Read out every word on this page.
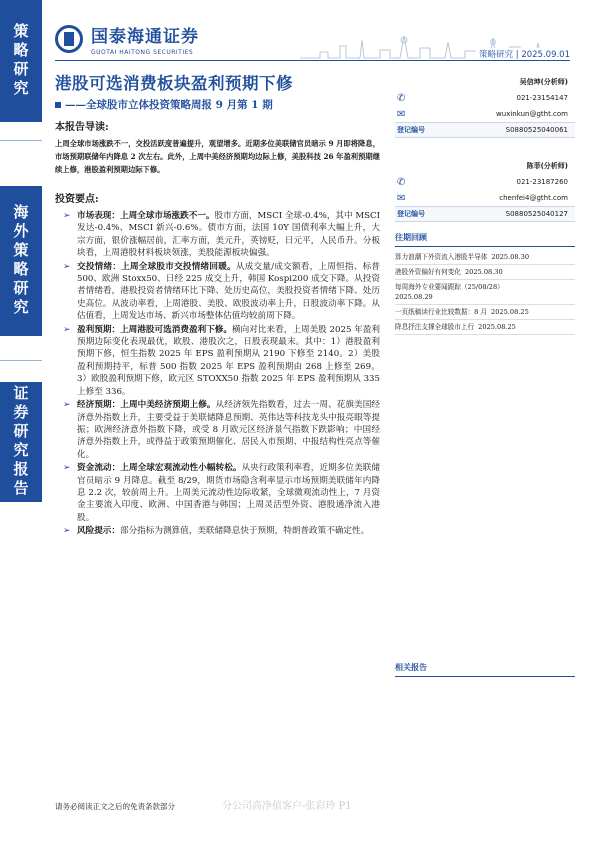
策略研究
海外策略研究
证券研究报告
国泰海通证券
GUOTAI HAITONG SECURITIES	策略研究 | 2025.09.01
港股可选消费板块盈利预期下修
——全球股市立体投资策略周报 9 月第 1 期
本报告导读:
上周全球市场涨跌不一，交投活跃度普遍提升，观望增多。近期多位美联储官员暗示 9 月即将降息，市场预期联储年内降息 2 次左右。此外，上周中美经济预期均边际上修，美股科技 26 年盈利预期继续上修，港股盈利预期边际下修。
投资要点:
➢ 市场表现：上周全球市场涨跌不一。股市方面，MSCI 全球-0.4%，其中 MSCI 发达-0.4%、MSCI 新兴-0.6%。债市方面，法国 10Y 国债利率大幅上升，大宗方面，银价涨幅居前，汇率方面，美元升，英镑贬，日元平，人民币升。分板块看，上周港股材料板块领涨，美股能源板块偏强。
➢ 交投情绪：上周全球股市交投情绪回暖。从成交量/成交额看，上周恒指、标普 500、欧洲 Stoxx50、日经 225 成交上升，韩国 Kospi200 成交下降。从投资者情绪看，港股投资者情绪环比下降、处历史高位，美股投资者情绪下降、处历史高位。从波动率看，上周港股、美股、欧股波动率上升，日股波动率下降。从估值看，上周发达市场、新兴市场整体估值均较前周下降。
➢ 盈利预期：上周港股可选消费盈利下修。横向对比来看，上周美股 2025 年盈利预期边际变化表现最优，欧股、港股次之，日股表现最末。其中：1）港股盈利预期下修，恒生指数 2025 年 EPS 盈利预期从 2190 下修至 2140。2）美股盈利预期持平，标普 500 指数 2025 年 EPS 盈利预期由 268 上修至 269。3）欧股盈利预期下修，欧元区 STOXX50 指数 2025 年 EPS 盈利预期从 335 上修至 336。
➢ 经济预期：上周中美经济预期上修。从经济领先指数看，过去一周、花旗美国经济意外指数上升，主要受益于美联储降息预期、英伟达等科技龙头中报亮眼等提振；欧洲经济意外指数下降，或受 8 月欧元区经济景气指数下跌影响；中国经济意外指数上升，或得益于政策预期催化、居民入市预期、中报结构性亮点等催化。
➢ 资金流动：上周全球宏观流动性小幅转松。从央行政策利率看，近期多位美联储官员暗示 9 月降息。截至 8/29，期货市场隐含利率显示市场预期美联储年内降息 2.2 次，较前周上升。上周美元流动性边际收紧，全球微观流动性上，7 月资金主要流入印度、欧洲、中国香港与韩国；上周灵活型外资、港股通净流入港股。
➢ 风险提示：部分指标为测算值，美联储降息快于预期，特朗普政策不确定性。
吴信坤(分析师)
✆	021-23154147
✉	wuxinkun@gtht.com
登记编号	S0880525040061
陈菲(分析师)
✆	021-23187260
✉	chenfei4@gtht.com
登记编号	S0880525040127
往期回顾
算力浪潮下外资流入港股半导体 2025.08.30
港股外资偏好有何变化 2025.08.30
每周海外专业要闻跟踪（25/08/28）
2025.08.29
一页纸稿读行业比较数据：8 月 2025.08.25
降息抒注支撑全球股市上行 2025.08.25
相关报告
请务必阅读正文之后的免责条款部分	分公司高净值客户-张彩玲 P1
